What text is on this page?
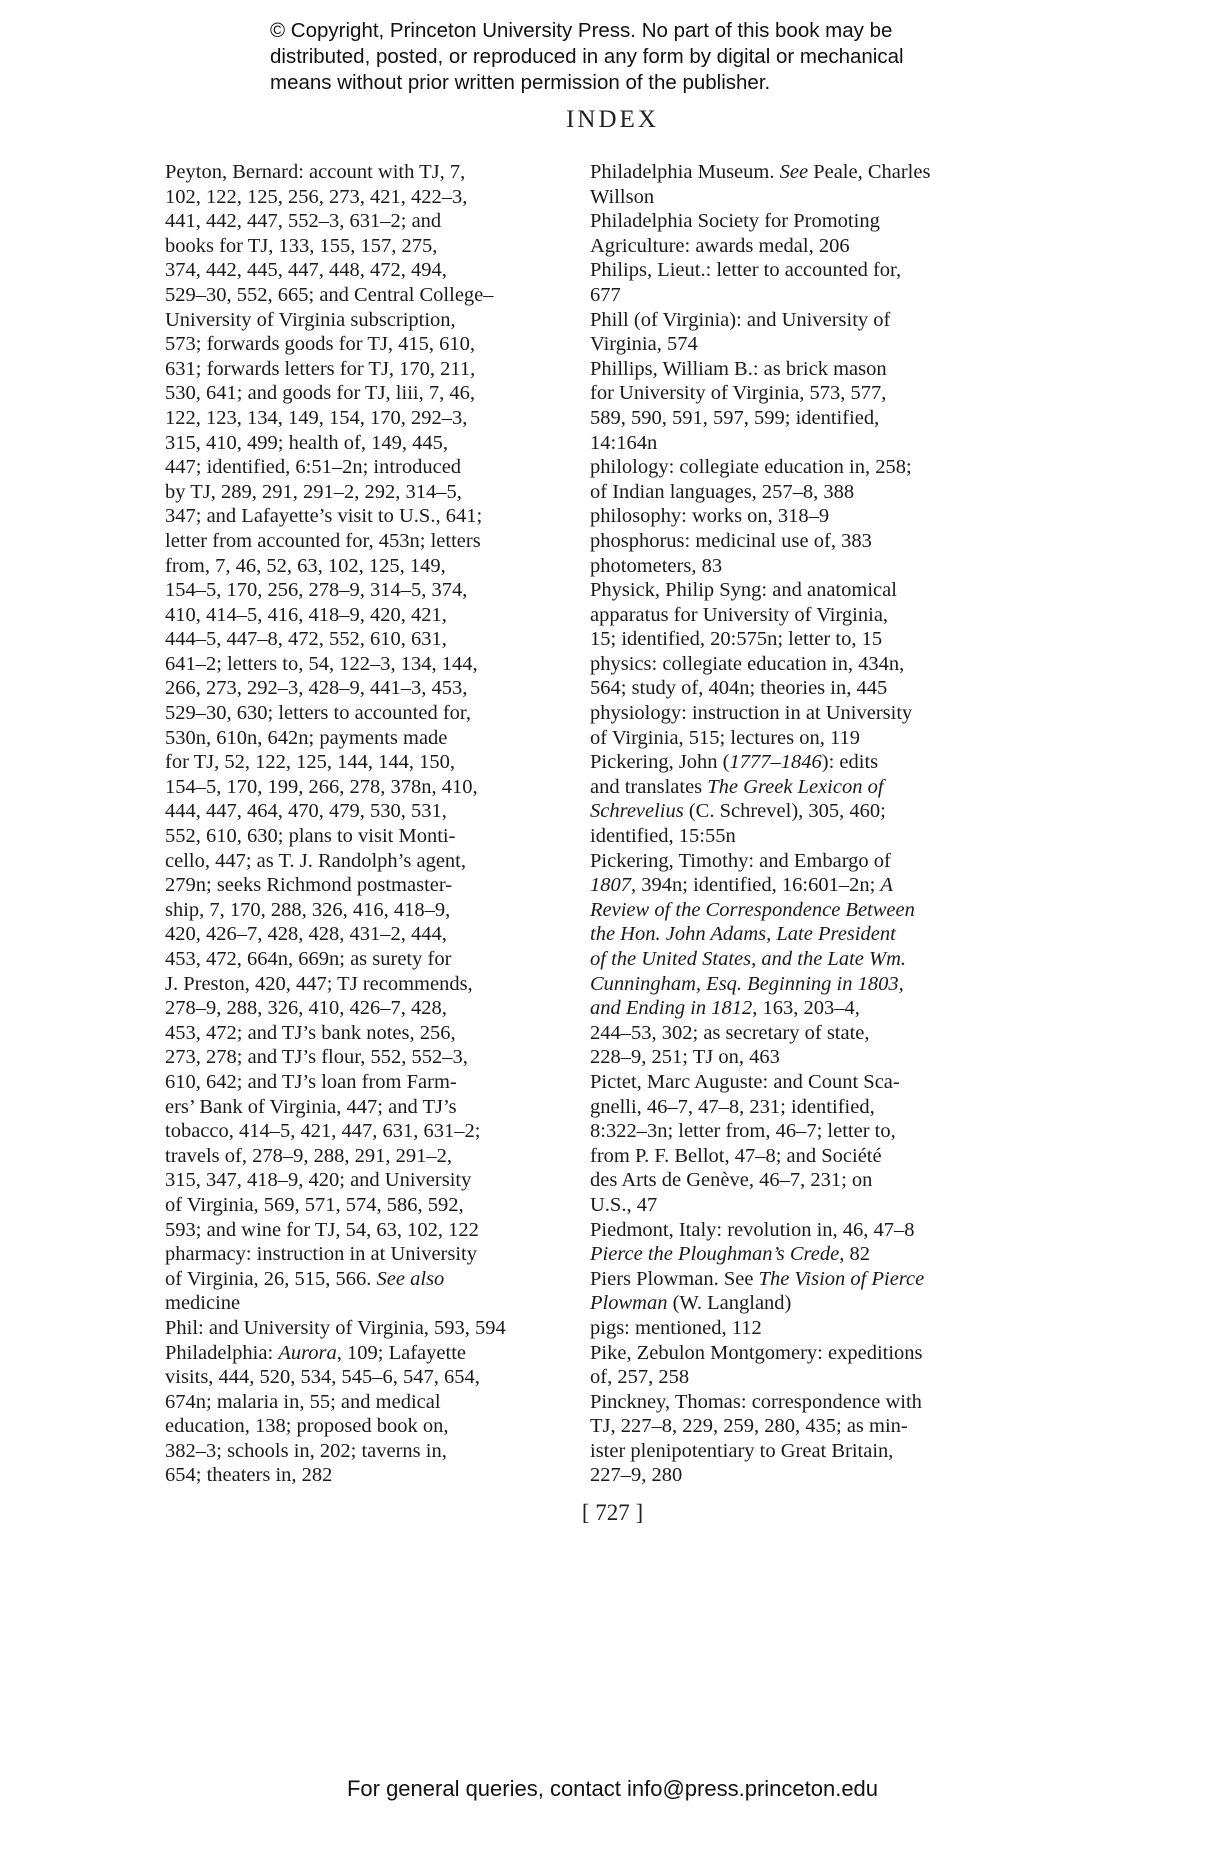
© Copyright, Princeton University Press. No part of this book may be
distributed, posted, or reproduced in any form by digital or mechanical
means without prior written permission of the publisher.
INDEX
Peyton, Bernard: account with TJ, 7,
102, 122, 125, 256, 273, 421, 422–3,
441, 442, 447, 552–3, 631–2; and
books for TJ, 133, 155, 157, 275,
374, 442, 445, 447, 448, 472, 494,
529–30, 552, 665; and Central College–
University of Virginia subscription,
573; forwards goods for TJ, 415, 610,
631; forwards letters for TJ, 170, 211,
530, 641; and goods for TJ, liii, 7, 46,
122, 123, 134, 149, 154, 170, 292–3,
315, 410, 499; health of, 149, 445,
447; identified, 6:51–2n; introduced
by TJ, 289, 291, 291–2, 292, 314–5,
347; and Lafayette’s visit to U.S., 641;
letter from accounted for, 453n; letters
from, 7, 46, 52, 63, 102, 125, 149,
154–5, 170, 256, 278–9, 314–5, 374,
410, 414–5, 416, 418–9, 420, 421,
444–5, 447–8, 472, 552, 610, 631,
641–2; letters to, 54, 122–3, 134, 144,
266, 273, 292–3, 428–9, 441–3, 453,
529–30, 630; letters to accounted for,
530n, 610n, 642n; payments made
for TJ, 52, 122, 125, 144, 144, 150,
154–5, 170, 199, 266, 278, 378n, 410,
444, 447, 464, 470, 479, 530, 531,
552, 610, 630; plans to visit Monti-
cello, 447; as T. J. Randolph’s agent,
279n; seeks Richmond postmaster-
ship, 7, 170, 288, 326, 416, 418–9,
420, 426–7, 428, 428, 431–2, 444,
453, 472, 664n, 669n; as surety for
J. Preston, 420, 447; TJ recommends,
278–9, 288, 326, 410, 426–7, 428,
453, 472; and TJ’s bank notes, 256,
273, 278; and TJ’s flour, 552, 552–3,
610, 642; and TJ’s loan from Farm-
ers’ Bank of Virginia, 447; and TJ’s
tobacco, 414–5, 421, 447, 631, 631–2;
travels of, 278–9, 288, 291, 291–2,
315, 347, 418–9, 420; and University
of Virginia, 569, 571, 574, 586, 592,
593; and wine for TJ, 54, 63, 102, 122
pharmacy: instruction in at University
of Virginia, 26, 515, 566. See also
medicine
Phil: and University of Virginia, 593, 594
Philadelphia: Aurora, 109; Lafayette
visits, 444, 520, 534, 545–6, 547, 654,
674n; malaria in, 55; and medical
education, 138; proposed book on,
382–3; schools in, 202; taverns in,
654; theaters in, 282
Philadelphia Museum. See Peale, Charles
Willson
Philadelphia Society for Promoting
Agriculture: awards medal, 206
Philips, Lieut.: letter to accounted for,
677
Phill (of Virginia): and University of
Virginia, 574
Phillips, William B.: as brick mason
for University of Virginia, 573, 577,
589, 590, 591, 597, 599; identified,
14:164n
philology: collegiate education in, 258;
of Indian languages, 257–8, 388
philosophy: works on, 318–9
phosphorus: medicinal use of, 383
photometers, 83
Physick, Philip Syng: and anatomical
apparatus for University of Virginia,
15; identified, 20:575n; letter to, 15
physics: collegiate education in, 434n,
564; study of, 404n; theories in, 445
physiology: instruction in at University
of Virginia, 515; lectures on, 119
Pickering, John (1777–1846): edits
and translates The Greek Lexicon of
Schrevelius (C. Schrevel), 305, 460;
identified, 15:55n
Pickering, Timothy: and Embargo of
1807, 394n; identified, 16:601–2n; A
Review of the Correspondence Between
the Hon. John Adams, Late President
of the United States, and the Late Wm.
Cunningham, Esq. Beginning in 1803,
and Ending in 1812, 163, 203–4,
244–53, 302; as secretary of state,
228–9, 251; TJ on, 463
Pictet, Marc Auguste: and Count Sca-
gnelli, 46–7, 47–8, 231; identified,
8:322–3n; letter from, 46–7; letter to,
from P. F. Bellot, 47–8; and Société
des Arts de Genève, 46–7, 231; on
U.S., 47
Piedmont, Italy: revolution in, 46, 47–8
Pierce the Ploughman’s Crede, 82
Piers Plowman. See The Vision of Pierce
Plowman (W. Langland)
pigs: mentioned, 112
Pike, Zebulon Montgomery: expeditions
of, 257, 258
Pinckney, Thomas: correspondence with
TJ, 227–8, 229, 259, 280, 435; as min-
ister plenipotentiary to Great Britain,
227–9, 280
[ 727 ]
For general queries, contact info@press.princeton.edu
